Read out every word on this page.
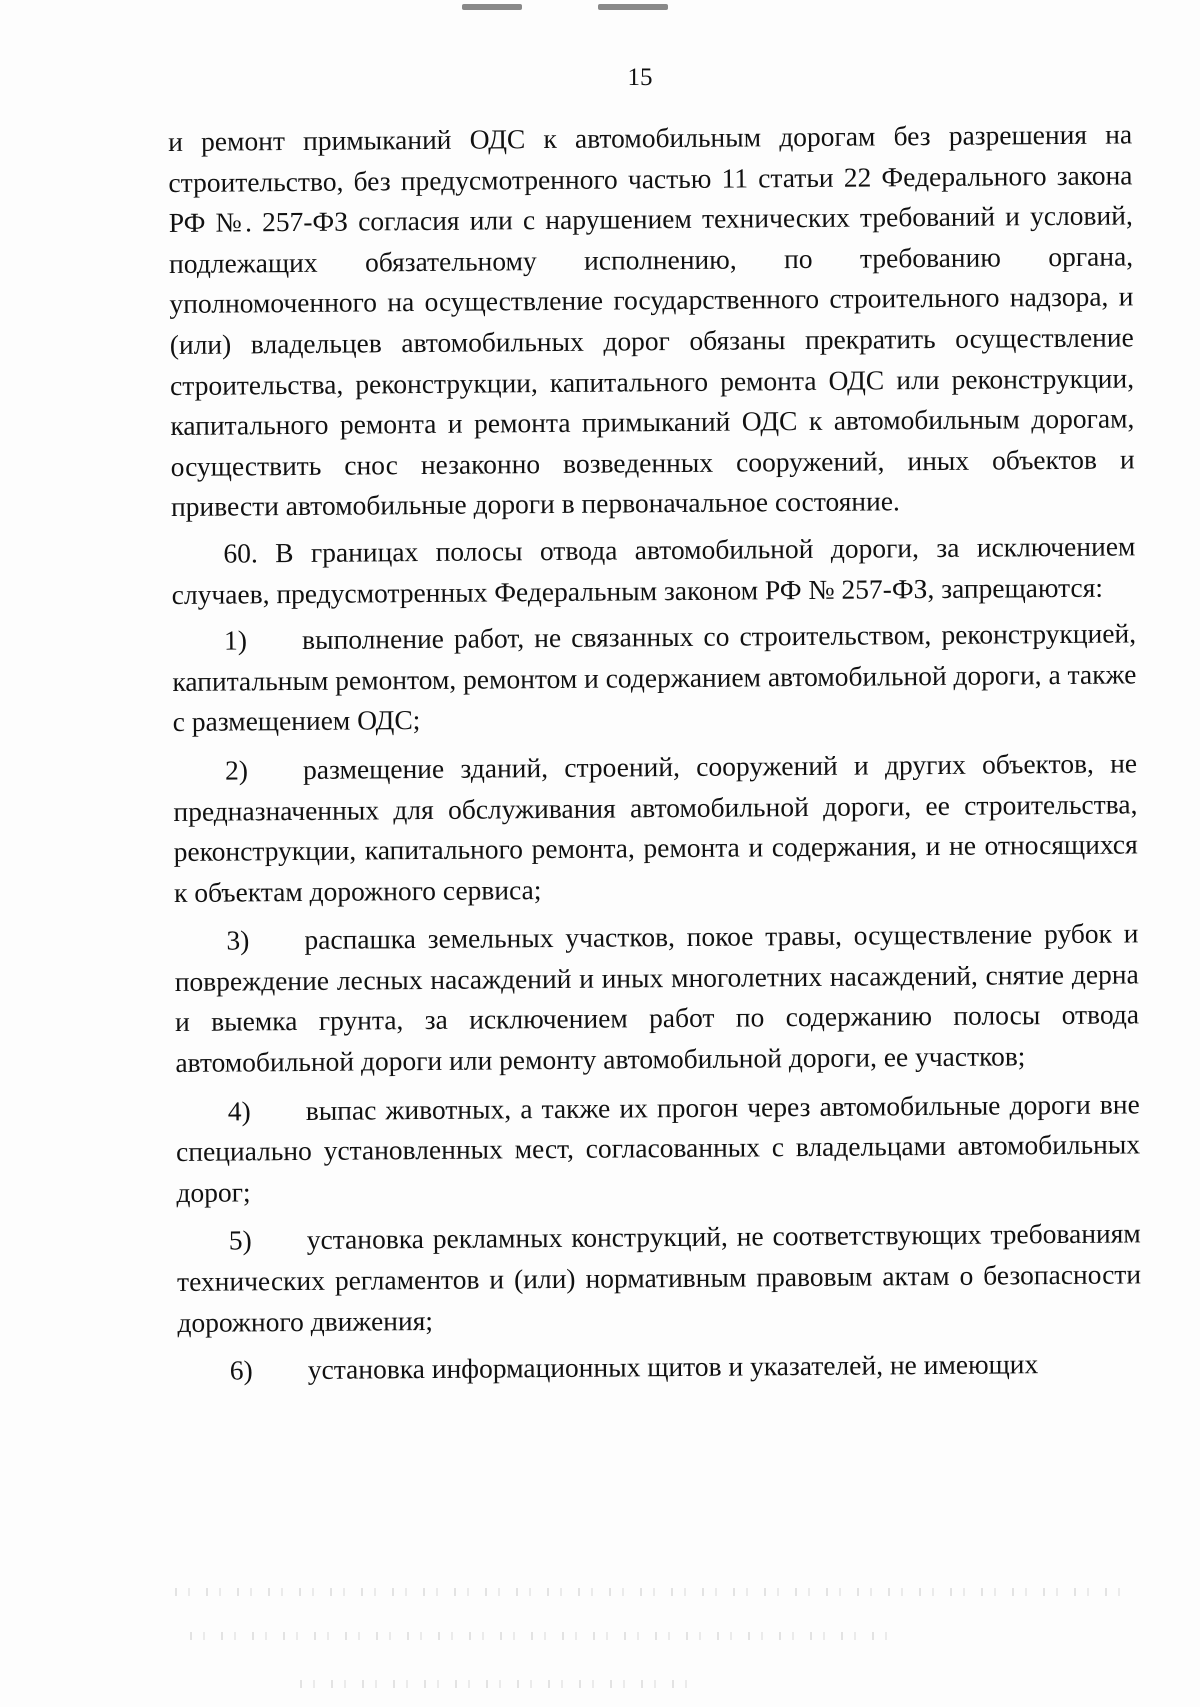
15

и ремонт примыканий ОДС к автомобильным дорогам без разрешения на строительство, без предусмотренного частью 11 статьи 22 Федерального закона РФ №. 257-ФЗ согласия или с нарушением технических требований и условий, подлежащих обязательному исполнению, по требованию органа, уполномоченного на осуществление государственного строительного надзора, и (или) владельцев автомобильных дорог обязаны прекратить осуществление строительства, реконструкции, капитального ремонта ОДС или реконструкции, капитального ремонта и ремонта примыканий ОДС к автомобильным дорогам, осуществить снос незаконно возведенных сооружений, иных объектов и привести автомобильные дороги в первоначальное состояние.

60. В границах полосы отвода автомобильной дороги, за исключением случаев, предусмотренных Федеральным законом РФ № 257-ФЗ, запрещаются:

1) выполнение работ, не связанных со строительством, реконструкцией, капитальным ремонтом, ремонтом и содержанием автомобильной дороги, а также с размещением ОДС;

2) размещение зданий, строений, сооружений и других объектов, не предназначенных для обслуживания автомобильной дороги, ее строительства, реконструкции, капитального ремонта, ремонта и содержания, и не относящихся к объектам дорожного сервиса;

3) распашка земельных участков, покое травы, осуществление рубок и повреждение лесных насаждений и иных многолетних насаждений, снятие дерна и выемка грунта, за исключением работ по содержанию полосы отвода автомобильной дороги или ремонту автомобильной дороги, ее участков;

4) выпас животных, а также их прогон через автомобильные дороги вне специально установленных мест, согласованных с владельцами автомобильных дорог;

5) установка рекламных конструкций, не соответствующих требованиям технических регламентов и (или) нормативным правовым актам о безопасности дорожного движения;

6) установка информационных щитов и указателей, не имеющих
